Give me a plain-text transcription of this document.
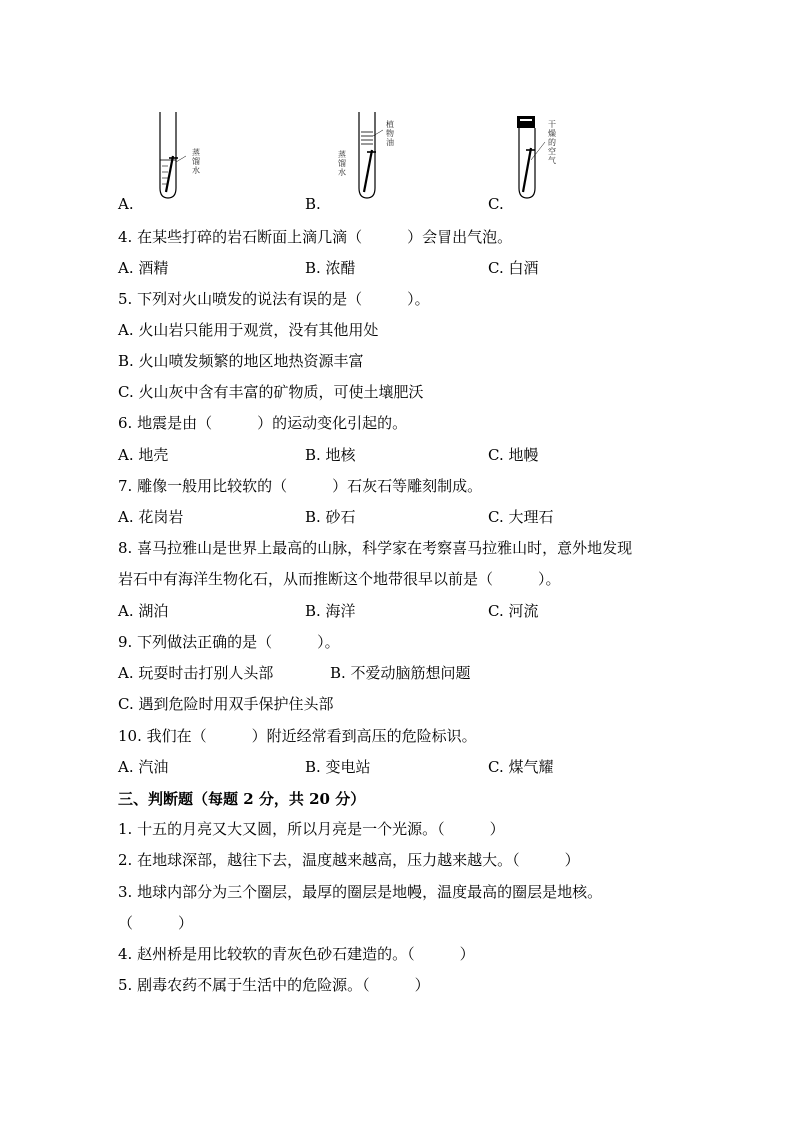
蒸馏水
A.
植物油
蒸馏水
B.
干燥的空气
C.
4. 在某些打碎的岩石断面上滴几滴（　　　）会冒出气泡。
A. 酒精	B. 浓醋	C. 白酒
5. 下列对火山喷发的说法有误的是（　　　）。
A. 火山岩只能用于观赏，没有其他用处
B. 火山喷发频繁的地区地热资源丰富
C. 火山灰中含有丰富的矿物质，可使土壤肥沃
6. 地震是由（　　　）的运动变化引起的。
A. 地壳	B. 地核	C. 地幔
7. 雕像一般用比较软的（　　　）石灰石等雕刻制成。
A. 花岗岩	B. 砂石	C. 大理石
8. 喜马拉雅山是世界上最高的山脉，科学家在考察喜马拉雅山时，意外地发现
岩石中有海洋生物化石，从而推断这个地带很早以前是（　　　）。
A. 湖泊	B. 海洋	C. 河流
9. 下列做法正确的是（　　　）。
A. 玩耍时击打别人头部	B. 不爱动脑筋想问题
C. 遇到危险时用双手保护住头部
10. 我们在（　　　）附近经常看到高压的危险标识。
A. 汽油	B. 变电站	C. 煤气耀
三、判断题（每题 2 分，共 20 分）
1. 十五的月亮又大又圆，所以月亮是一个光源。（　　　）
2. 在地球深部，越往下去，温度越来越高，压力越来越大。（　　　）
3. 地球内部分为三个圈层，最厚的圈层是地幔，温度最高的圈层是地核。
（　　　）
4. 赵州桥是用比较软的青灰色砂石建造的。（　　　）
5. 剧毒农药不属于生活中的危险源。（　　　）
